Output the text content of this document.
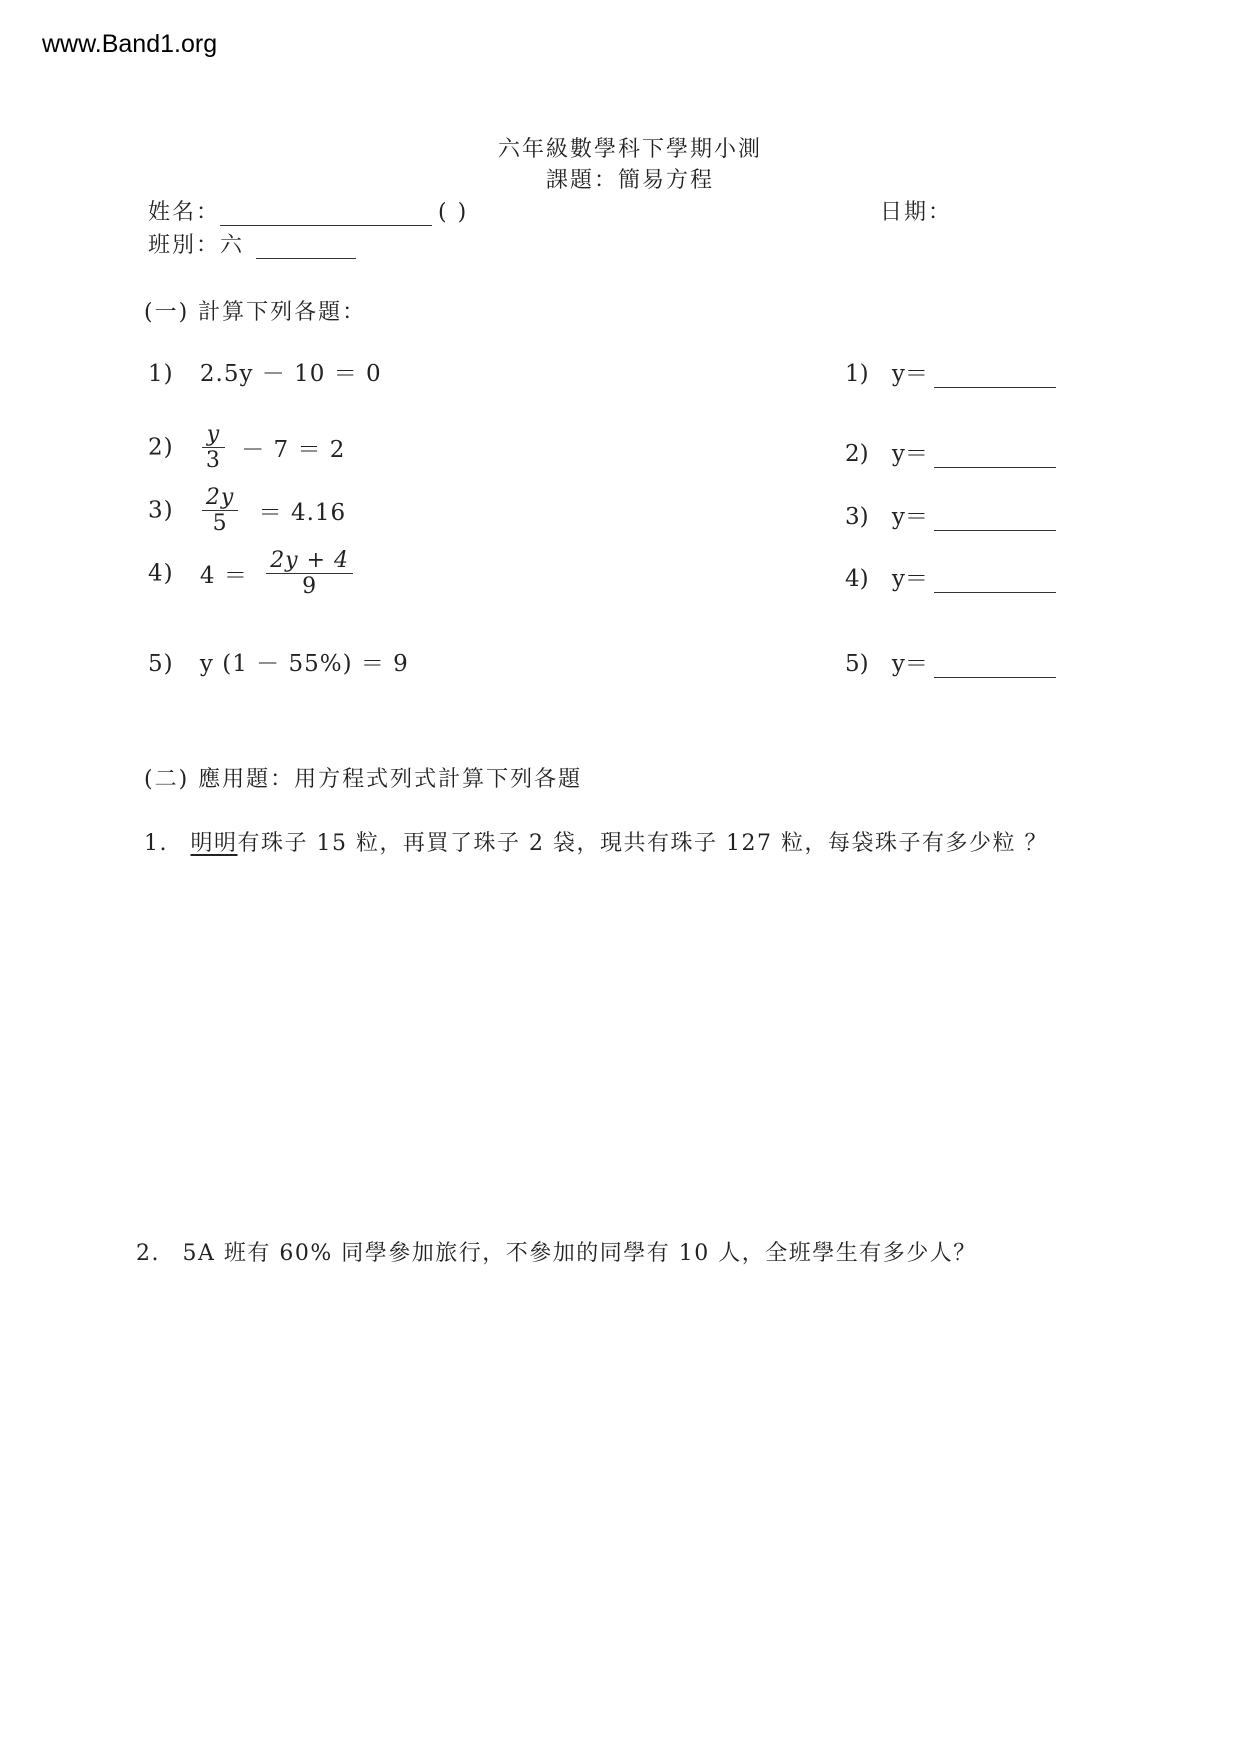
www.Band1.org
六年級數學科下學期小測
課題：簡易方程
姓名：	( )	日期：
班別：六
(一) 計算下列各題：
1) 2.5y － 10 ＝ 0
$2) \frac{y}{3} - 7 = 2$
$3) \frac{2y}{5} = 4.16$
4) $4 = \frac{2y + 4}{9}$
5) y (1 － 55%) ＝ 9
1) y＝
2) y＝
3) y＝
4) y＝
5) y＝
(二) 應用題：用方程式列式計算下列各題
1. 明明有珠子 15 粒，再買了珠子 2 袋，現共有珠子 127 粒，每袋珠子有多少粒 ？
2. 5A 班有 60% 同學參加旅行，不參加的同學有 10 人，全班學生有多少人？
